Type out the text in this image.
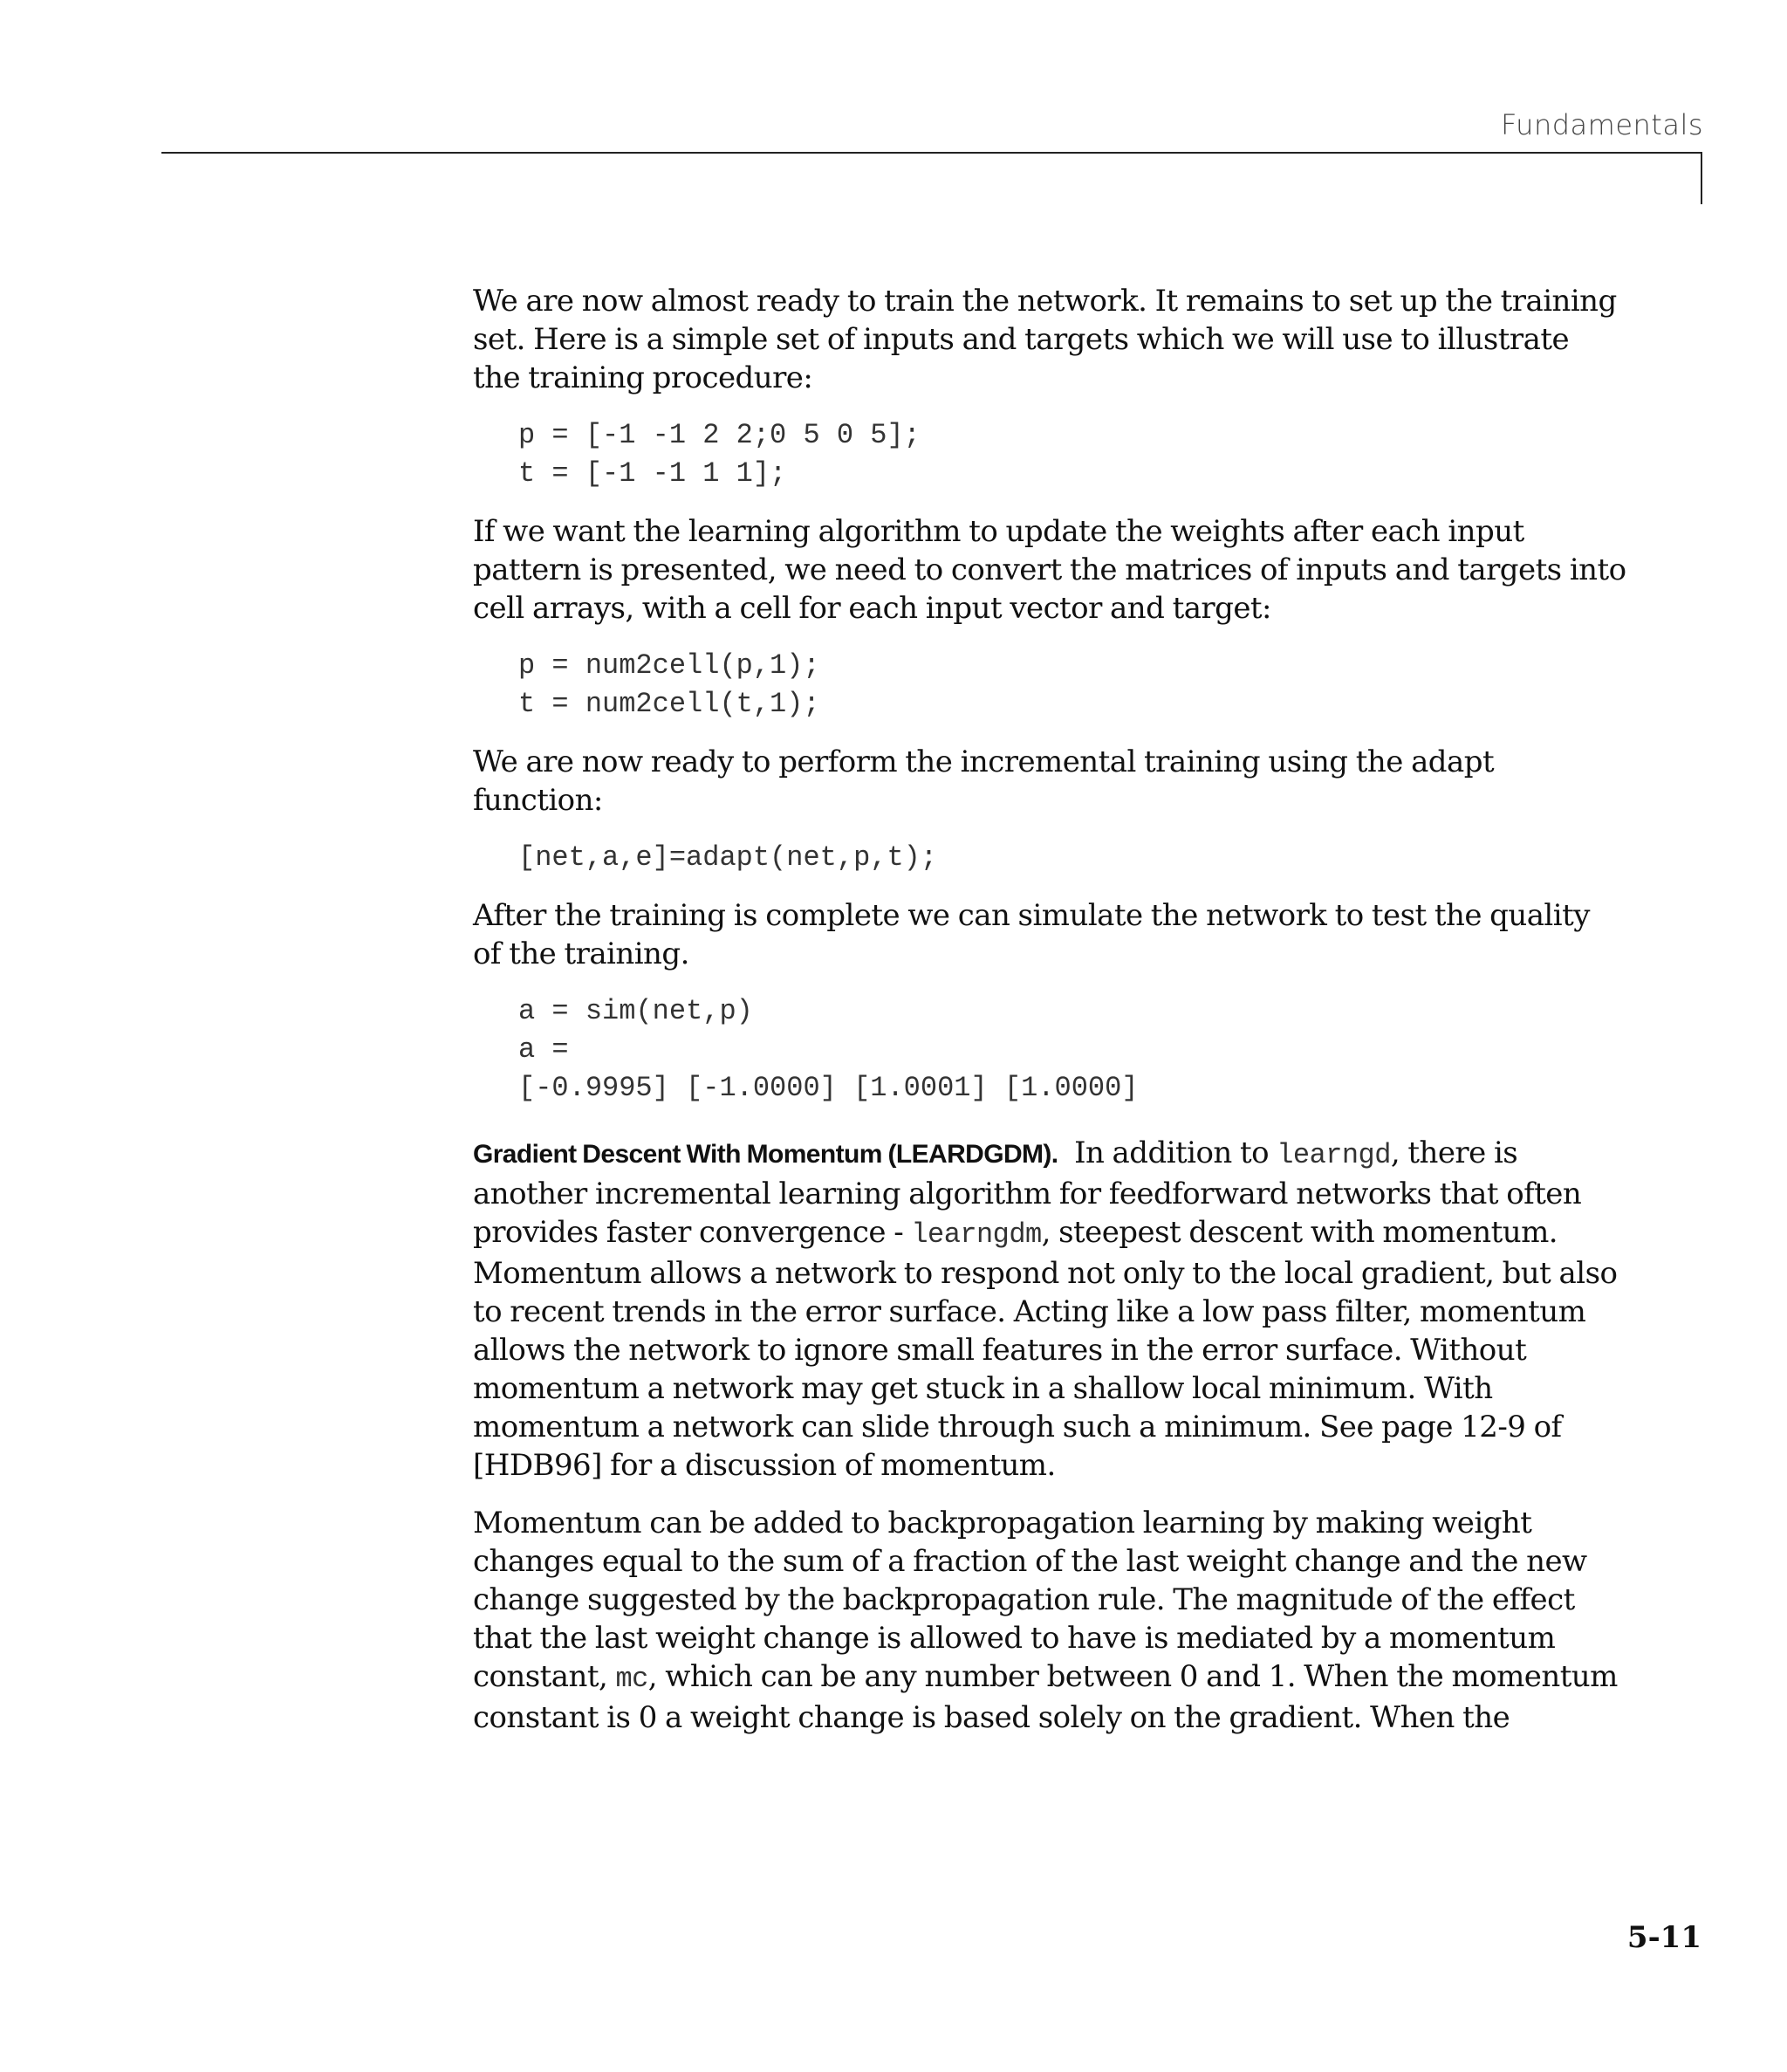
Fundamentals

We are now almost ready to train the network. It remains to set up the training
set. Here is a simple set of inputs and targets which we will use to illustrate
the training procedure:

p = [-1 -1 2 2;0 5 0 5];
t = [-1 -1 1 1];

If we want the learning algorithm to update the weights after each input
pattern is presented, we need to convert the matrices of inputs and targets into
cell arrays, with a cell for each input vector and target:

p = num2cell(p,1);
t = num2cell(t,1);

We are now ready to perform the incremental training using the adapt
function:

[net,a,e]=adapt(net,p,t);

After the training is complete we can simulate the network to test the quality
of the training.

a = sim(net,p)
a =
[-0.9995] [-1.0000] [1.0001] [1.0000]

Gradient Descent With Momentum (LEARDGDM). In addition to learngd, there is
another incremental learning algorithm for feedforward networks that often
provides faster convergence - learngdm, steepest descent with momentum.
Momentum allows a network to respond not only to the local gradient, but also
to recent trends in the error surface. Acting like a low pass filter, momentum
allows the network to ignore small features in the error surface. Without
momentum a network may get stuck in a shallow local minimum. With
momentum a network can slide through such a minimum. See page 12-9 of
[HDB96] for a discussion of momentum.

Momentum can be added to backpropagation learning by making weight
changes equal to the sum of a fraction of the last weight change and the new
change suggested by the backpropagation rule. The magnitude of the effect
that the last weight change is allowed to have is mediated by a momentum
constant, mc, which can be any number between 0 and 1. When the momentum
constant is 0 a weight change is based solely on the gradient. When the

5-11
